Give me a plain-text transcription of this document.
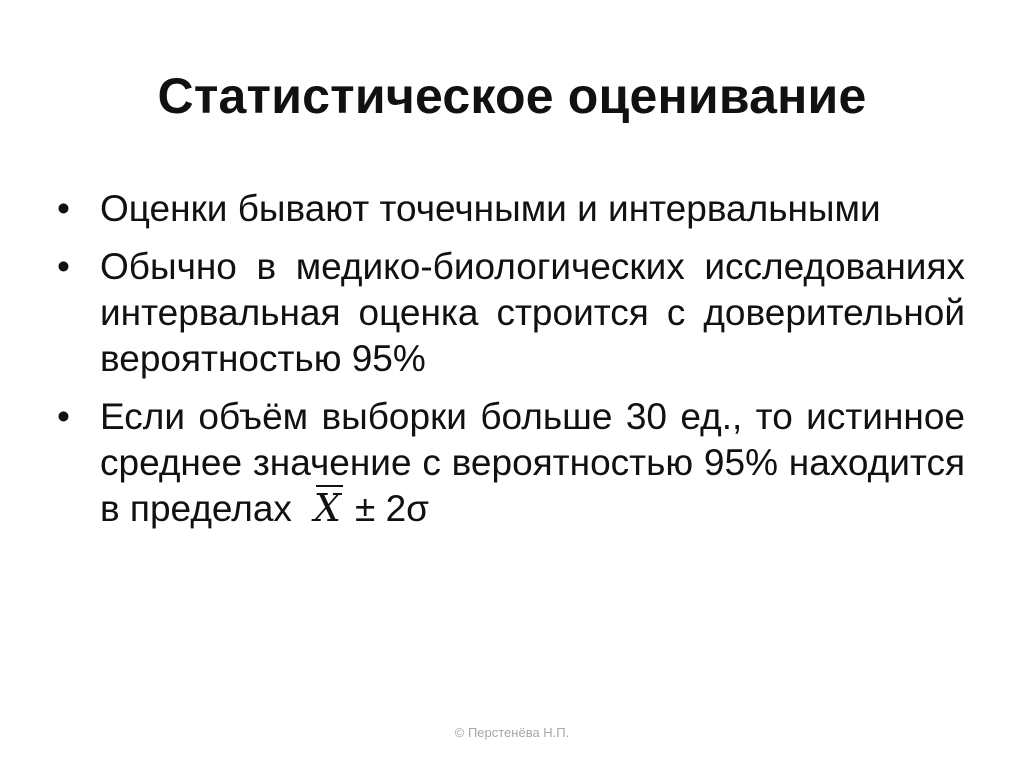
Статистическое оценивание
• Оценки бывают точечными и интервальными
• Обычно в медико-биологических исследованиях интервальная оценка строится с доверительной вероятностью 95%
• Если объём выборки больше 30 ед., то истинное среднее значение с вероятностью 95% находится в пределах X ± 2σ
© Перстенёва Н.П.
